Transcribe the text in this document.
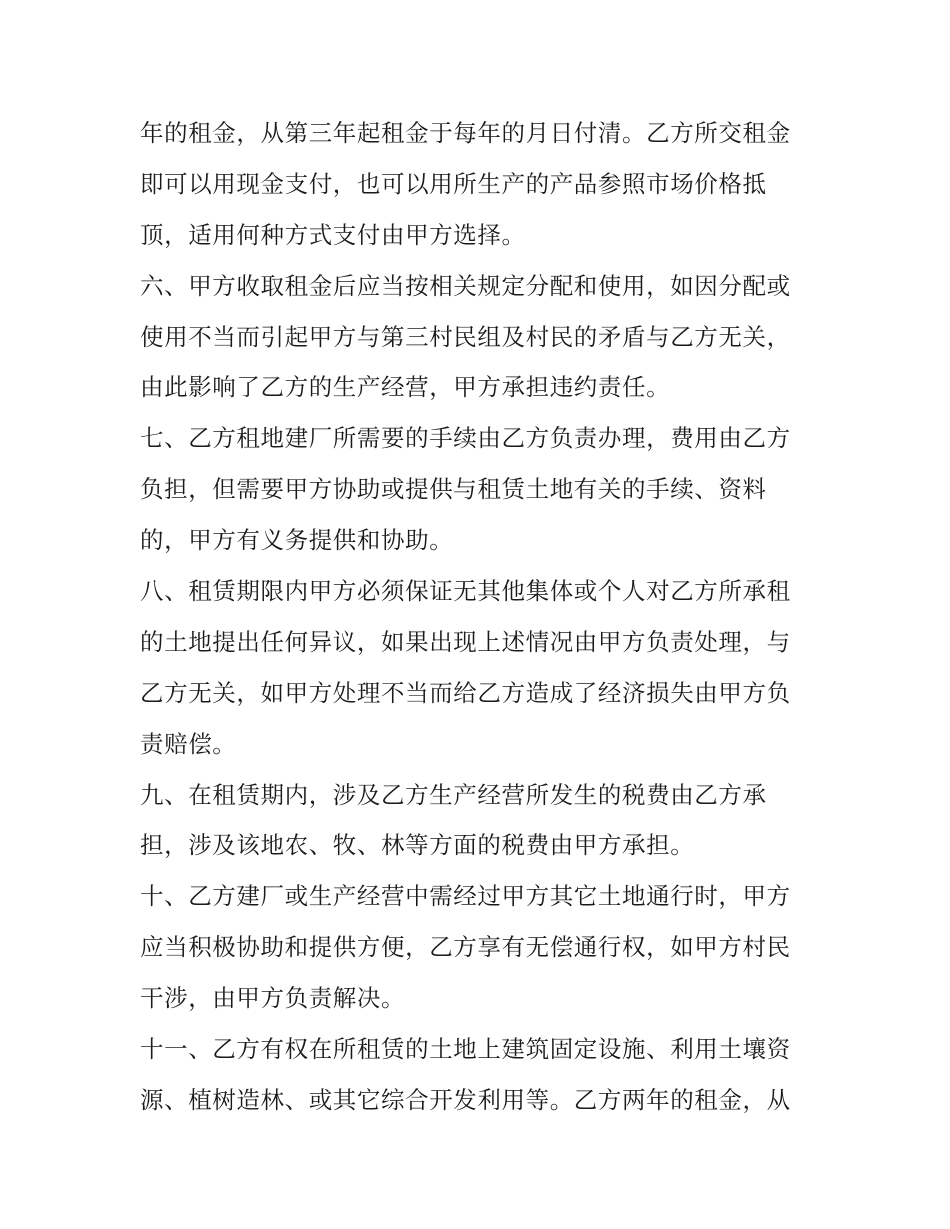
年的租金，从第三年起租金于每年的月日付清。乙方所交租金
即可以用现金支付，也可以用所生产的产品参照市场价格抵
顶，适用何种方式支付由甲方选择。
六、甲方收取租金后应当按相关规定分配和使用，如因分配或
使用不当而引起甲方与第三村民组及村民的矛盾与乙方无关，
由此影响了乙方的生产经营，甲方承担违约责任。
七、乙方租地建厂所需要的手续由乙方负责办理，费用由乙方
负担，但需要甲方协助或提供与租赁土地有关的手续、资料
的，甲方有义务提供和协助。
八、租赁期限内甲方必须保证无其他集体或个人对乙方所承租
的土地提出任何异议，如果出现上述情况由甲方负责处理，与
乙方无关，如甲方处理不当而给乙方造成了经济损失由甲方负
责赔偿。
九、在租赁期内，涉及乙方生产经营所发生的税费由乙方承
担，涉及该地农、牧、林等方面的税费由甲方承担。
十、乙方建厂或生产经营中需经过甲方其它土地通行时，甲方
应当积极协助和提供方便，乙方享有无偿通行权，如甲方村民
干涉，由甲方负责解决。
十一、乙方有权在所租赁的土地上建筑固定设施、利用土壤资
源、植树造林、或其它综合开发利用等。乙方两年的租金，从
